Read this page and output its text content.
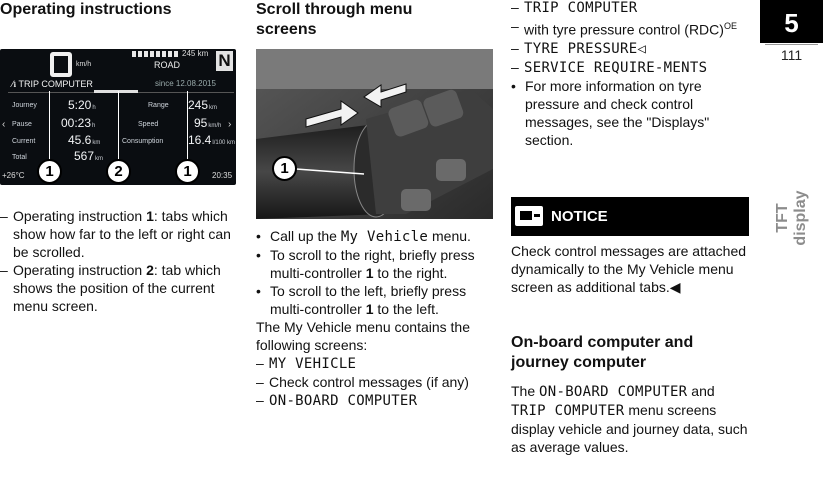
5
111
TFT display
Operating instructions
km/h
245 km
ROAD N
⁄ℹ TRIP COMPUTER	since 12.08.2015
‹	›
Journey	5:20h	Range 245km
Pause 00:23h	Speed	95km/h
Current	45.6km	Consumption 16.4l/100 km
Total	567km
+26°C	20:35
1	2	1
– Operating instruction 1: tabs which show how far to the left or right can be scrolled.
– Operating instruction 2: tab which shows the position of the current menu screen.
Scroll through menu
screens
1
• Call up the My Vehicle menu.
• To scroll to the right, briefly press multi-controller 1 to the right.
• To scroll to the left, briefly press multi-controller 1 to the left.
The My Vehicle menu contains the following screens:
– MY VEHICLE
– Check control messages (if any)
– ON-BOARD COMPUTER
– TRIP COMPUTER
– with tyre pressure control (RDC)$^{OE}$
– TYRE PRESSURE◁
– SERVICE REQUIRE-MENTS
• For more information on tyre pressure and check control messages, see the "Displays" section.
NOTICE
Check control messages are attached dynamically to the My Vehicle menu screen as additional tabs.◀
On-board computer and
journey computer
The ON-BOARD COMPUTER and TRIP COMPUTER menu screens display vehicle and journey data, such as average values.
